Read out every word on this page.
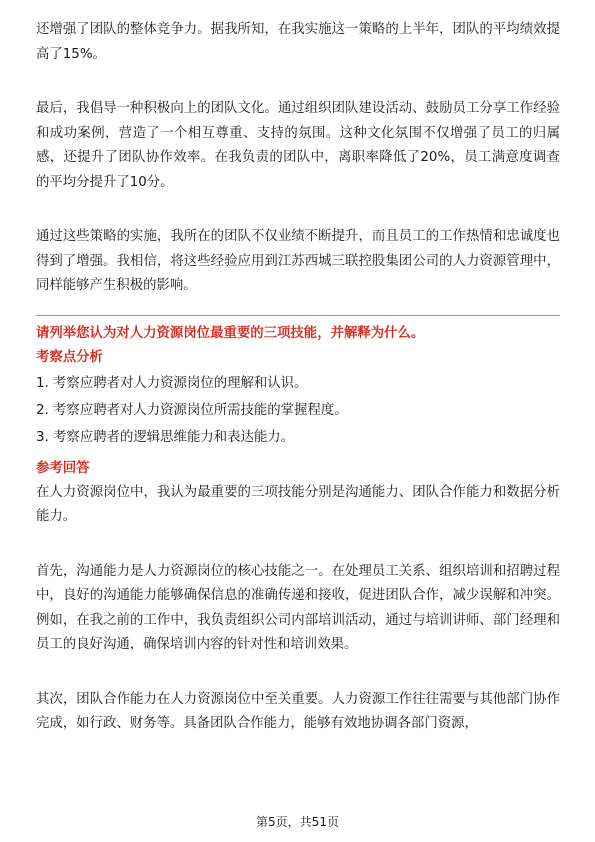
还增强了团队的整体竞争力。据我所知，在我实施这一策略的上半年，团队的平均绩效提高了15%。

最后，我倡导一种积极向上的团队文化。通过组织团队建设活动、鼓励员工分享工作经验和成功案例，营造了一个相互尊重、支持的氛围。这种文化氛围不仅增强了员工的归属感，还提升了团队协作效率。在我负责的团队中，离职率降低了20%，员工满意度调查的平均分提升了10分。

通过这些策略的实施，我所在的团队不仅业绩不断提升，而且员工的工作热情和忠诚度也得到了增强。我相信，将这些经验应用到江苏西城三联控股集团公司的人力资源管理中，同样能够产生积极的影响。

请列举您认为对人力资源岗位最重要的三项技能，并解释为什么。

考察点分析

1. 考察应聘者对人力资源岗位的理解和认识。

2. 考察应聘者对人力资源岗位所需技能的掌握程度。

3. 考察应聘者的逻辑思维能力和表达能力。

参考回答

在人力资源岗位中，我认为最重要的三项技能分别是沟通能力、团队合作能力和数据分析能力。

首先，沟通能力是人力资源岗位的核心技能之一。在处理员工关系、组织培训和招聘过程中，良好的沟通能力能够确保信息的准确传递和接收，促进团队合作，减少误解和冲突。例如，在我之前的工作中，我负责组织公司内部培训活动，通过与培训讲师、部门经理和员工的良好沟通，确保培训内容的针对性和培训效果。

其次，团队合作能力在人力资源岗位中至关重要。人力资源工作往往需要与其他部门协作完成，如行政、财务等。具备团队合作能力，能够有效地协调各部门资源，

第5页，共51页
